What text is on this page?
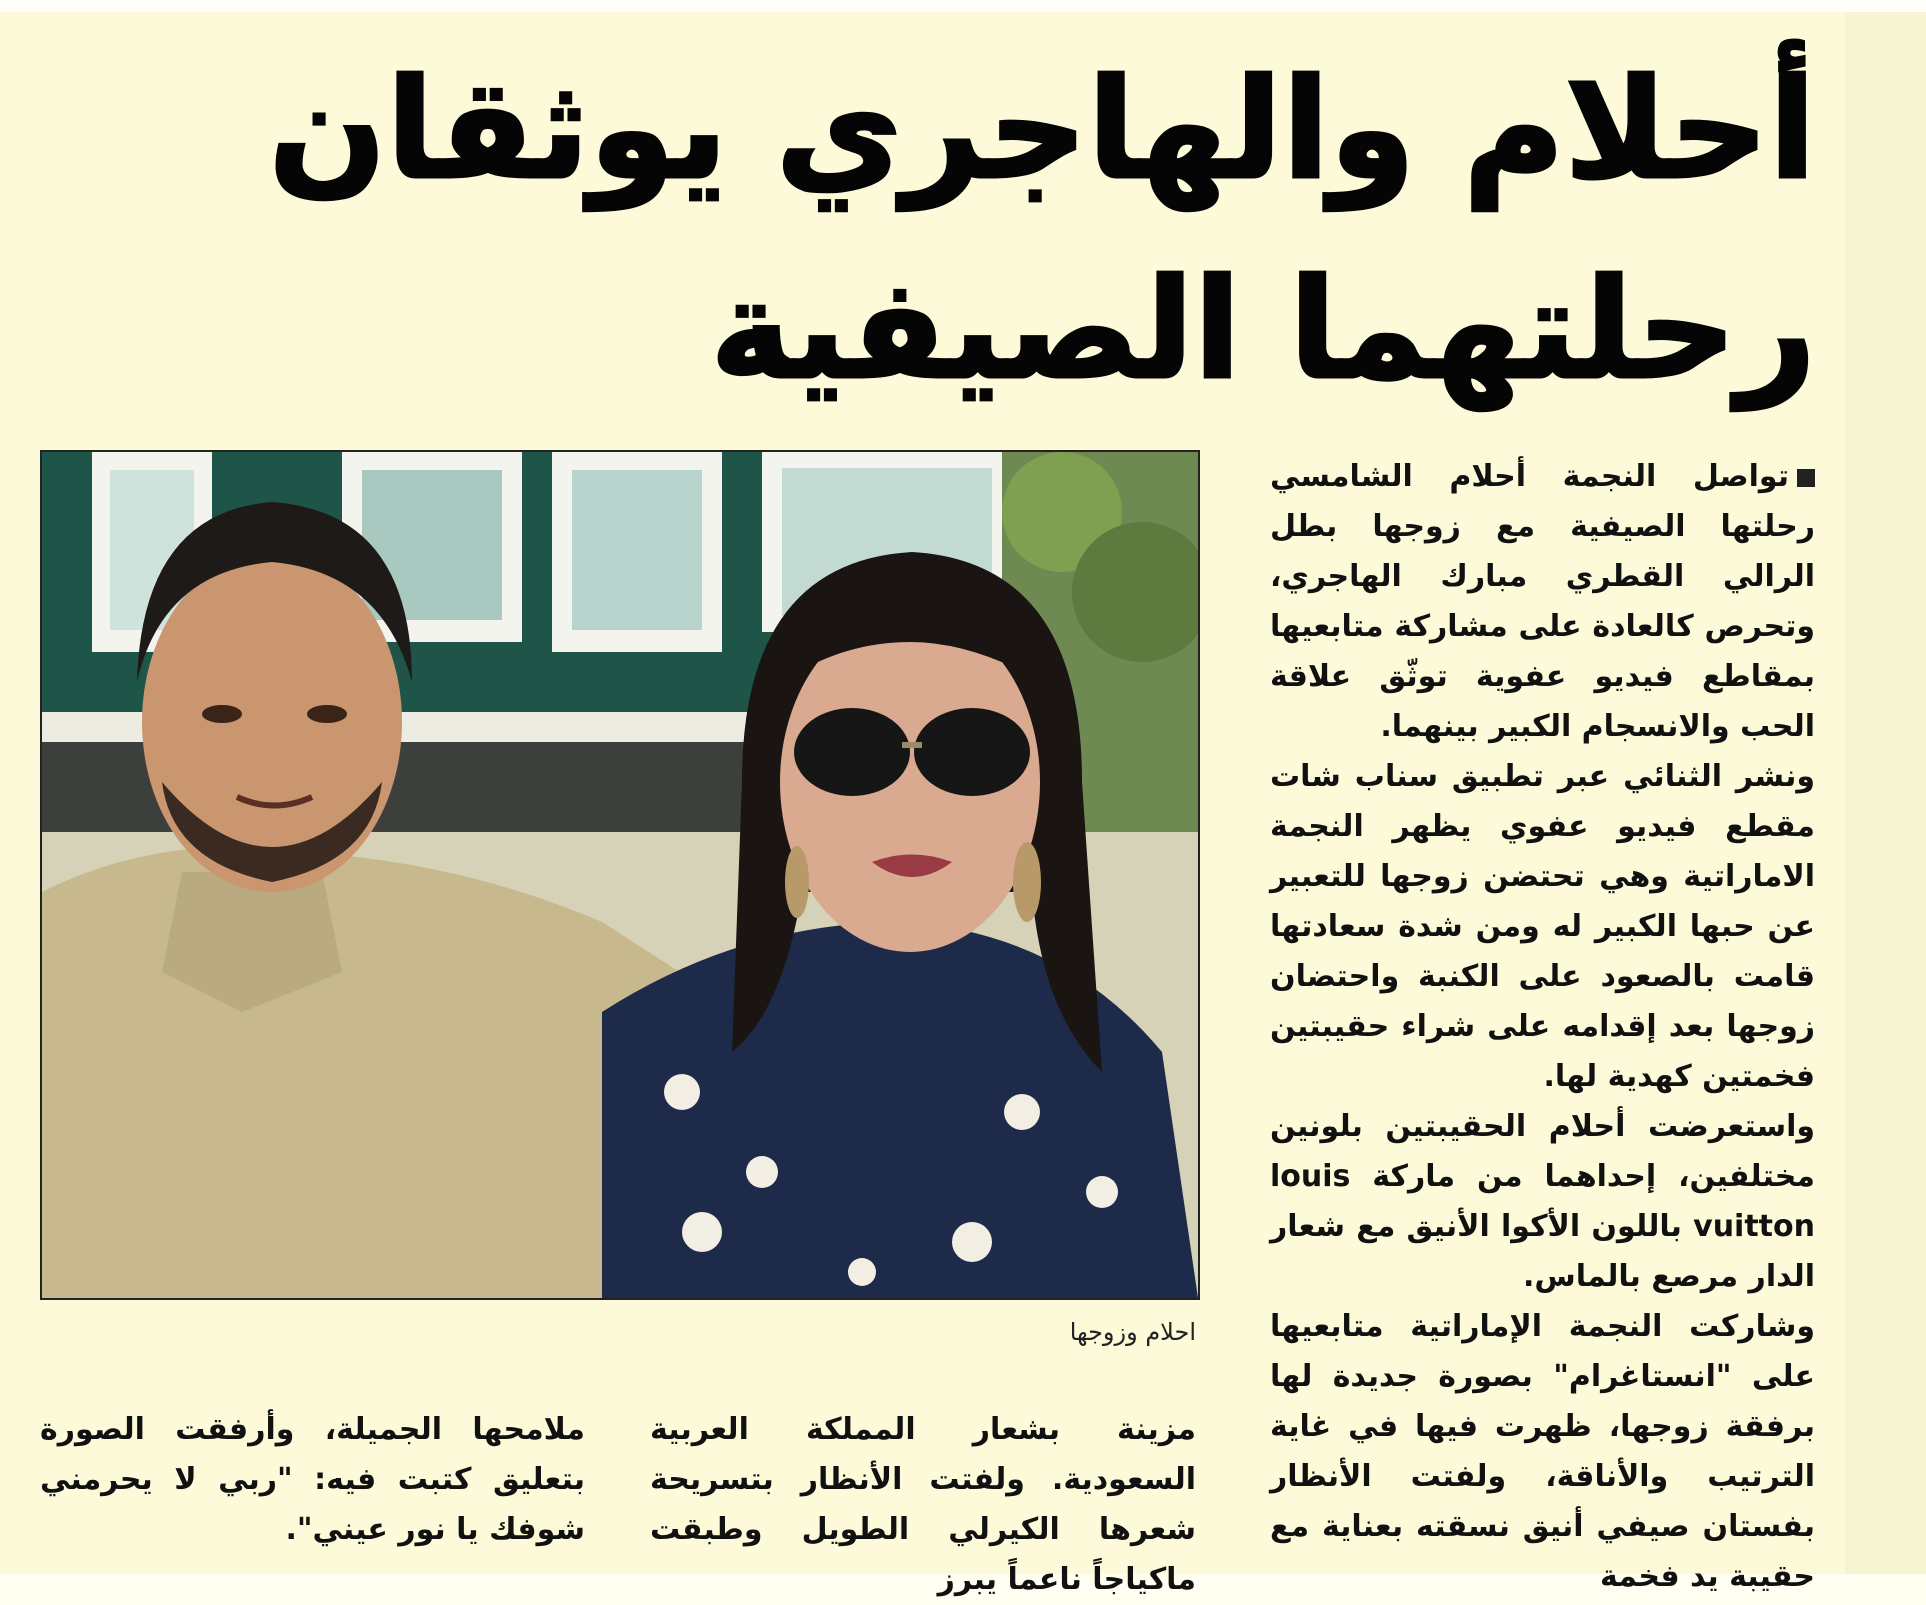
أحلام والهاجري يوثقان رحلتهما الصيفية
احلام وزوجها

تواصل النجمة أحلام الشامسي رحلتها الصيفية مع زوجها بطل الرالي القطري مبارك الهاجري، وتحرص كالعادة على مشاركة متابعيها بمقاطع فيديو عفوية توثّق علاقة الحب والانسجام الكبير بينهما.

ونشر الثنائي عبر تطبيق سناب شات مقطع فيديو عفوي يظهر النجمة الاماراتية وهي تحتضن زوجها للتعبير عن حبها الكبير له ومن شدة سعادتها قامت بالصعود على الكنبة واحتضان زوجها بعد إقدامه على شراء حقيبتين فخمتين كهدية لها.

واستعرضت أحلام الحقيبتين بلونين مختلفين، إحداهما من ماركة louis vuitton باللون الأكوا الأنيق مع شعار الدار مرصع بالماس.

وشاركت النجمة الإماراتية متابعيها على "انستاغرام" بصورة جديدة لها برفقة زوجها، ظهرت فيها في غاية الترتيب والأناقة، ولفتت الأنظار بفستان صيفي أنيق نسقته بعناية مع حقيبة يد فخمة

مزينة بشعار المملكة العربية السعودية. ولفتت الأنظار بتسريحة شعرها الكيرلي الطويل وطبقت ماكياجاً ناعماً يبرز

ملامحها الجميلة، وأرفقت الصورة بتعليق كتبت فيه: "ربي لا يحرمني شوفك يا نور عيني".
